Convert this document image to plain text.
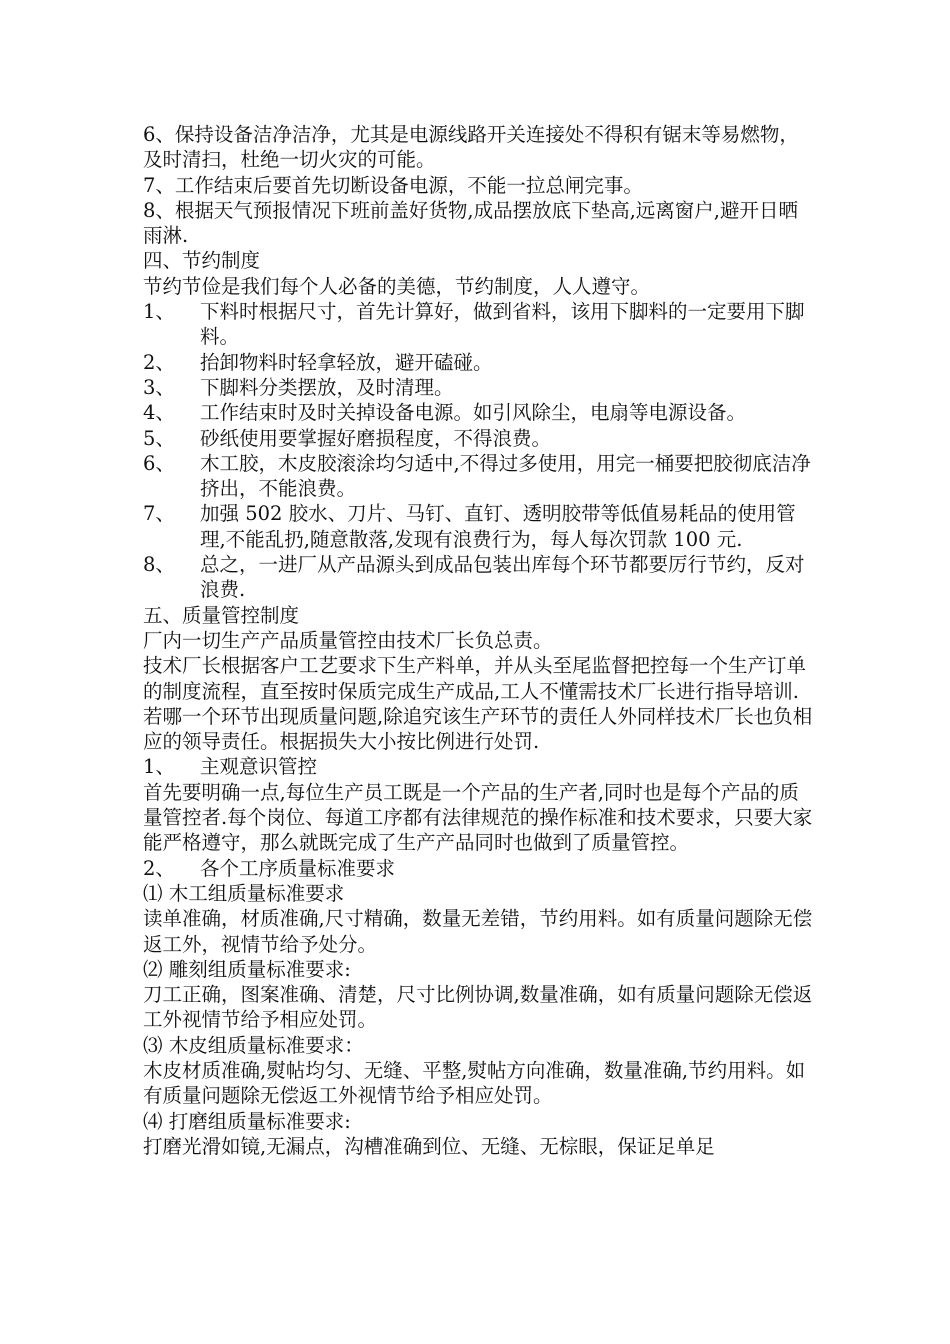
6、保持设备洁净洁净，尤其是电源线路开关连接处不得积有锯末等易燃物，及时清扫，杜绝一切火灾的可能。

7、工作结束后要首先切断设备电源，不能一拉总闸完事。

8、根据天气预报情况下班前盖好货物,成品摆放底下垫高,远离窗户,避开日晒雨淋.

四、节约制度

节约节俭是我们每个人必备的美德，节约制度，人人遵守。

1、	下料时根据尺寸，首先计算好，做到省料，该用下脚料的一定要用下脚料。
2、	抬卸物料时轻拿轻放，避开磕碰。
3、	下脚料分类摆放，及时清理。
4、	工作结束时及时关掉设备电源。如引风除尘，电扇等电源设备。
5、	砂纸使用要掌握好磨损程度，不得浪费。
6、	木工胶，木皮胶滚涂均匀适中,不得过多使用，用完一桶要把胶彻底洁净挤出，不能浪费。
7、	加强 502 胶水、刀片、马钉、直钉、透明胶带等低值易耗品的使用管理,不能乱扔,随意散落,发现有浪费行为，每人每次罚款 100 元.
8、	总之，一进厂从产品源头到成品包装出库每个环节都要厉行节约，反对浪费.

五、质量管控制度

厂内一切生产产品质量管控由技术厂长负总责。

技术厂长根据客户工艺要求下生产料单，并从头至尾监督把控每一个生产订单的制度流程，直至按时保质完成生产成品,工人不懂需技术厂长进行指导培训.若哪一个环节出现质量问题,除追究该生产环节的责任人外同样技术厂长也负相应的领导责任。根据损失大小按比例进行处罚.

1、	主观意识管控

首先要明确一点,每位生产员工既是一个产品的生产者,同时也是每个产品的质量管控者.每个岗位、每道工序都有法律规范的操作标准和技术要求，只要大家能严格遵守，那么就既完成了生产产品同时也做到了质量管控。

2、	各个工序质量标准要求

⑴ 木工组质量标准要求

读单准确，材质准确,尺寸精确，数量无差错，节约用料。如有质量问题除无偿返工外，视情节给予处分。

⑵ 雕刻组质量标准要求:

刀工正确，图案准确、清楚，尺寸比例协调,数量准确，如有质量问题除无偿返工外视情节给予相应处罚。

⑶ 木皮组质量标准要求：

木皮材质准确,熨帖均匀、无缝、平整,熨帖方向准确，数量准确,节约用料。如有质量问题除无偿返工外视情节给予相应处罚。

⑷ 打磨组质量标准要求:

打磨光滑如镜,无漏点，沟槽准确到位、无缝、无棕眼，保证足单足
